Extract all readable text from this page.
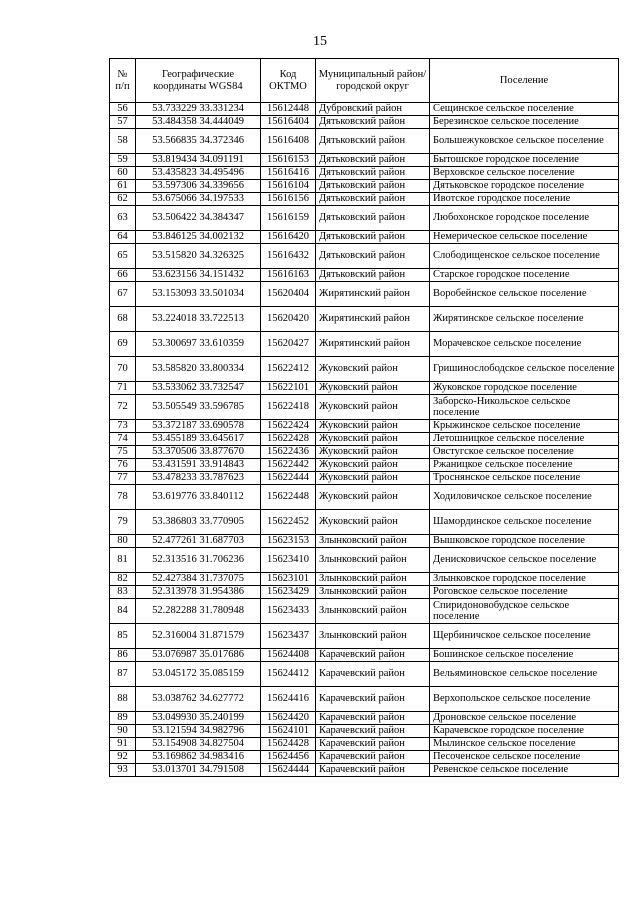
15
№ п/п	Географические координаты WGS84	Код ОКТМО	Муниципальный район/городской округ	Поселение
56	53.733229 33.331234	15612448	Дубровский район	Сещинское сельское поселение
57	53.484358 34.444049	15616404	Дятьковский район	Березинское сельское поселение
58	53.566835 34.372346	15616408	Дятьковский район	Большежуковское сельское поселение
59	53.819434 34.091191	15616153	Дятьковский район	Бытошское городское поселение
60	53.435823 34.495496	15616416	Дятьковский район	Верховское сельское поселение
61	53.597306 34.339656	15616104	Дятьковский район	Дятьковское городское поселение
62	53.675066 34.197533	15616156	Дятьковский район	Ивотское городское поселение
63	53.506422 34.384347	15616159	Дятьковский район	Любохонское городское поселение
64	53.846125 34.002132	15616420	Дятьковский район	Немерическое сельское поселение
65	53.515820 34.326325	15616432	Дятьковский район	Слободищенское сельское поселение
66	53.623156 34.151432	15616163	Дятьковский район	Старское городское поселение
67	53.153093 33.501034	15620404	Жирятинский район	Воробейнское сельское поселение
68	53.224018 33.722513	15620420	Жирятинский район	Жирятинское сельское поселение
69	53.300697 33.610359	15620427	Жирятинский район	Морачевское сельское поселение
70	53.585820 33.800334	15622412	Жуковский район	Гришинослободское сельское поселение
71	53.533062 33.732547	15622101	Жуковский район	Жуковское городское поселение
72	53.505549 33.596785	15622418	Жуковский район	Заборско-Никольское сельское поселение
73	53.372187 33.690578	15622424	Жуковский район	Крыжинское сельское поселение
74	53.455189 33.645617	15622428	Жуковский район	Летошницкое сельское поселение
75	53.370506 33.877670	15622436	Жуковский район	Овстугское сельское поселение
76	53.431591 33.914843	15622442	Жуковский район	Ржаницкое сельское поселение
77	53.478233 33.787623	15622444	Жуковский район	Троснянское сельское поселение
78	53.619776 33.840112	15622448	Жуковский район	Ходиловичское сельское поселение
79	53.386803 33.770905	15622452	Жуковский район	Шамординское сельское поселение
80	52.477261 31.687703	15623153	Злынковский район	Вышковское городское поселение
81	52.313516 31.706236	15623410	Злынковский район	Денисковичское сельское поселение
82	52.427384 31.737075	15623101	Злынковский район	Злынковское городское поселение
83	52.313978 31.954386	15623429	Злынковский район	Роговское сельское поселение
84	52.282288 31.780948	15623433	Злынковский район	Спиридоновобудское сельское поселение
85	52.316004 31.871579	15623437	Злынковский район	Щербиничское сельское поселение
86	53.076987 35.017686	15624408	Карачевский район	Бошинское сельское поселение
87	53.045172 35.085159	15624412	Карачевский район	Вельяминовское сельское поселение
88	53.038762 34.627772	15624416	Карачевский район	Верхопольское сельское поселение
89	53.049930 35.240199	15624420	Карачевский район	Дроновское сельское поселение
90	53.121594 34.982796	15624101	Карачевский район	Карачевское городское поселение
91	53.154908 34.827504	15624428	Карачевский район	Мылинское сельское поселение
92	53.169862 34.983416	15624456	Карачевский район	Песоченское сельское поселение
93	53.013701 34.791508	15624444	Карачевский район	Ревенское сельское поселение
